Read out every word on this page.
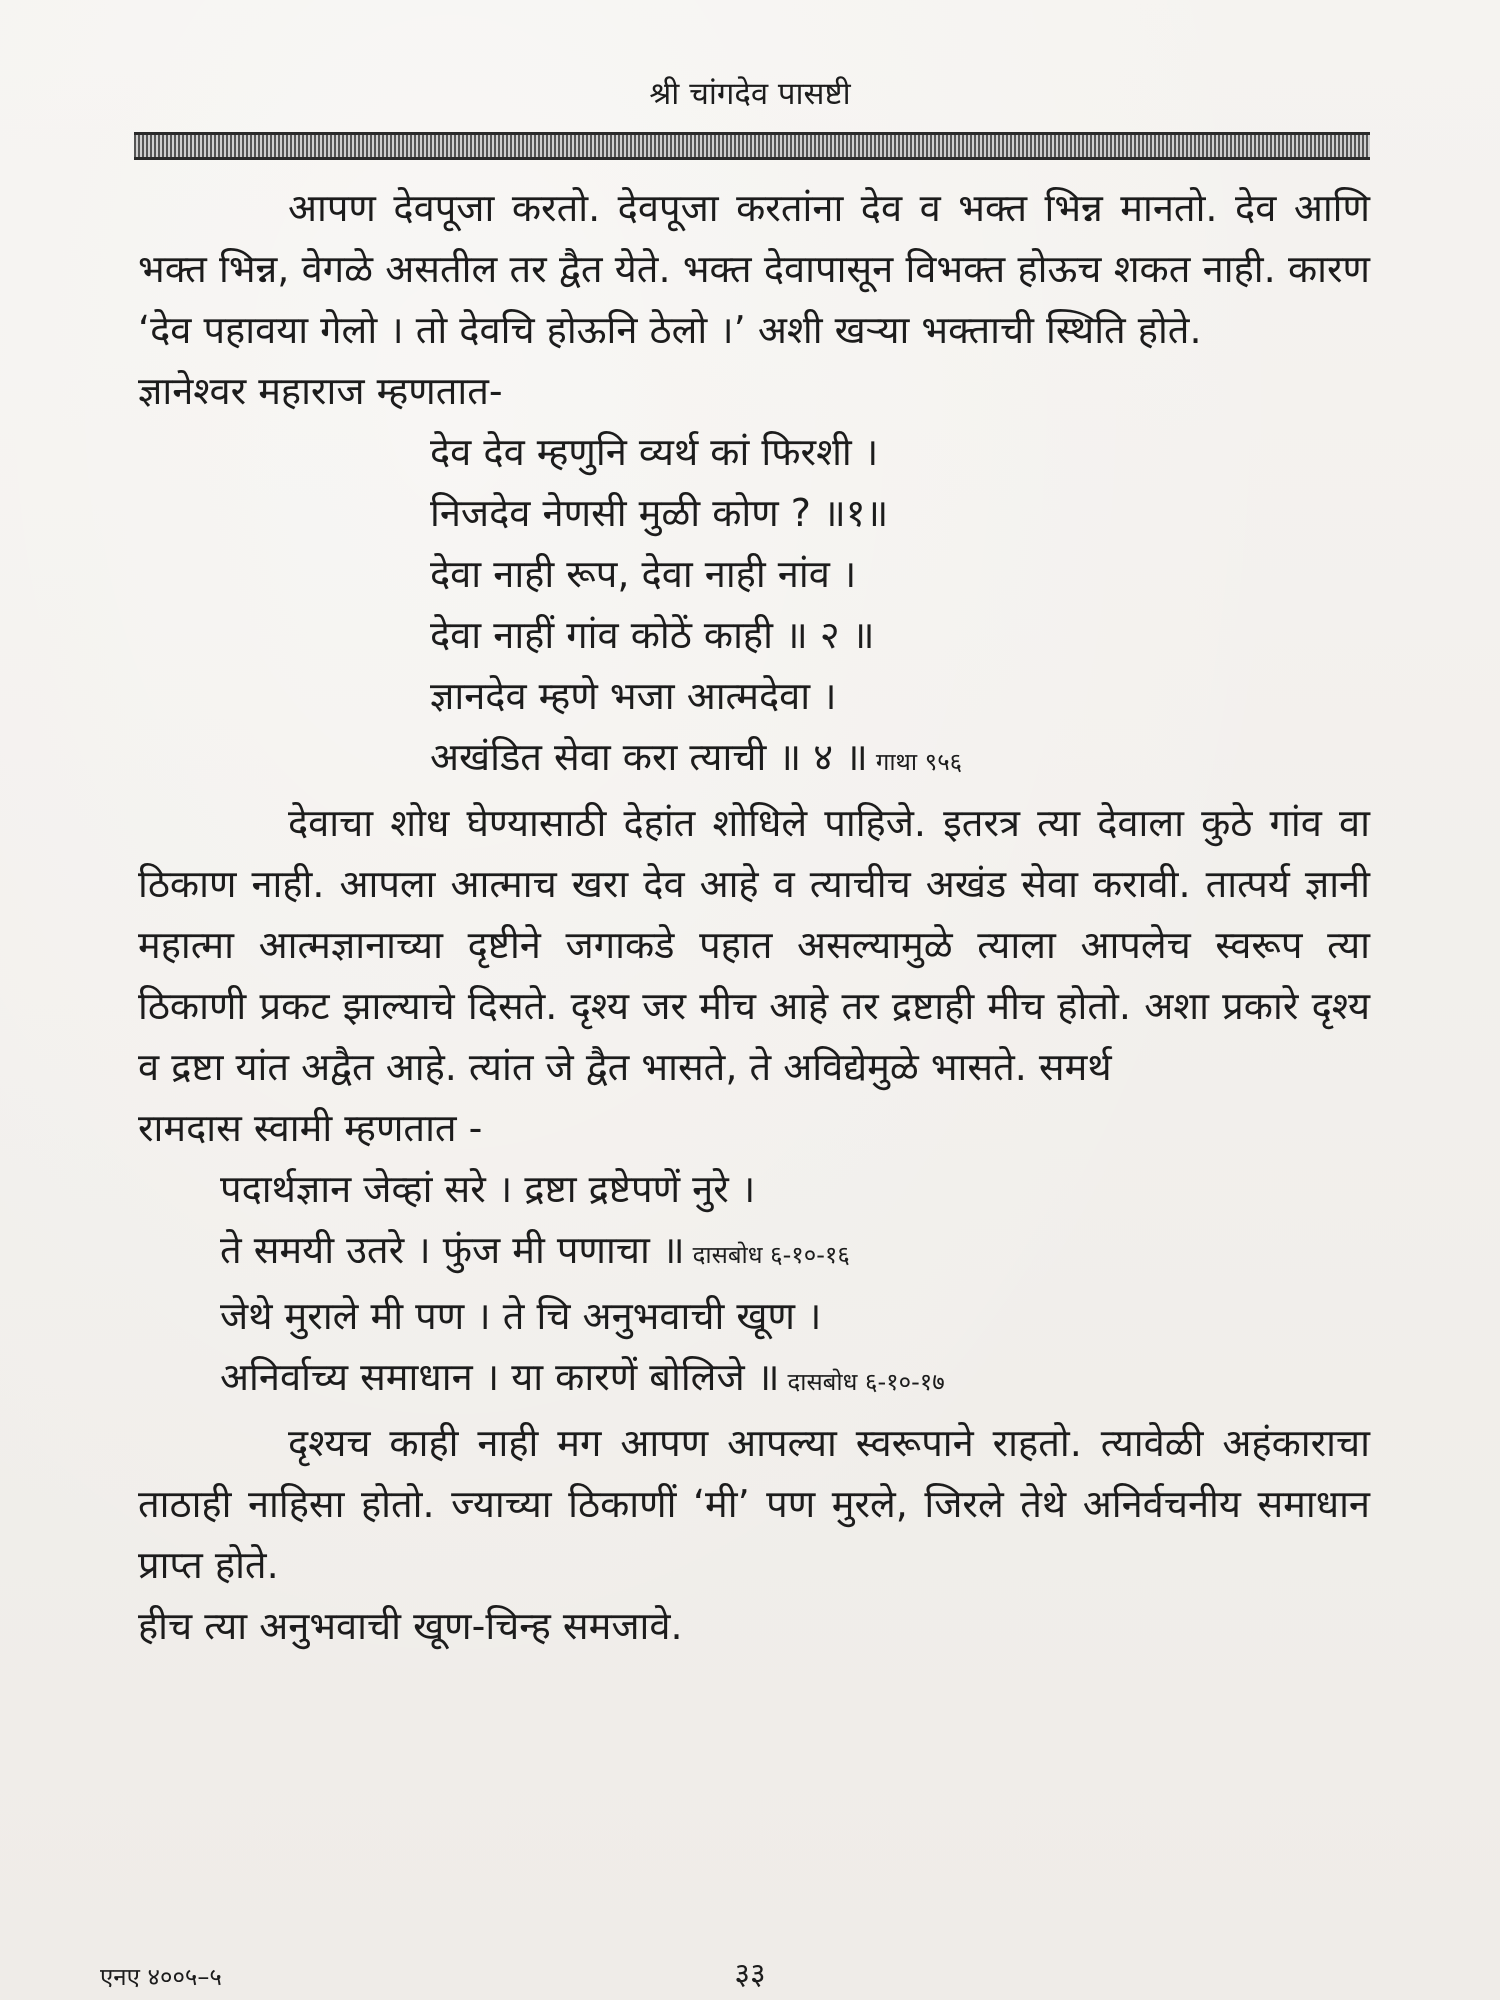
श्री चांगदेव पासष्टी

आपण देवपूजा करतो. देवपूजा करतांना देव व भक्त भिन्न मानतो. देव आणि भक्त भिन्न, वेगळे असतील तर द्वैत येते. भक्त देवापासून विभक्त होऊच शकत नाही. कारण ‘देव पहावया गेलो । तो देवचि होऊनि ठेलो ।’ अशी खऱ्या भक्ताची स्थिति होते.

ज्ञानेश्वर महाराज म्हणतात-

देव देव म्हणुनि व्यर्थ कां फिरशी ।
निजदेव नेणसी मुळी कोण ? ॥१॥
देवा नाही रूप, देवा नाही नांव ।
देवा नाहीं गांव कोठें काही ॥ २ ॥
ज्ञानदेव म्हणे भजा आत्मदेवा ।
अखंडित सेवा करा त्याची ॥ ४ ॥ गाथा ९५६

देवाचा शोध घेण्यासाठी देहांत शोधिले पाहिजे. इतरत्र त्या देवाला कुठे गांव वा ठिकाण नाही. आपला आत्माच खरा देव आहे व त्याचीच अखंड सेवा करावी. तात्पर्य ज्ञानी महात्मा आत्मज्ञानाच्या दृष्टीने जगाकडे पहात असल्यामुळे त्याला आपलेच स्वरूप त्या ठिकाणी प्रकट झाल्याचे दिसते. दृश्य जर मीच आहे तर द्रष्टाही मीच होतो. अशा प्रकारे दृश्य व द्रष्टा यांत अद्वैत आहे. त्यांत जे द्वैत भासते, ते अविद्येमुळे भासते. समर्थ

रामदास स्वामी म्हणतात -

पदार्थज्ञान जेव्हां सरे । द्रष्टा द्रष्टेपणें नुरे ।
ते समयी उतरे । फुंज मी पणाचा ॥ दासबोध ६-१०-१६
जेथे मुराले मी पण । ते चि अनुभवाची खूण ।
अनिर्वाच्य समाधान । या कारणें बोलिजे ॥ दासबोध ६-१०-१७

दृश्यच काही नाही मग आपण आपल्या स्वरूपाने राहतो. त्यावेळी अहंकाराचा ताठाही नाहिसा होतो. ज्याच्या ठिकाणीं ‘मी’ पण मुरले, जिरले तेथे अनिर्वचनीय समाधान प्राप्त होते.

हीच त्या अनुभवाची खूण-चिन्ह समजावे.

एनए ४००५–५	३३
